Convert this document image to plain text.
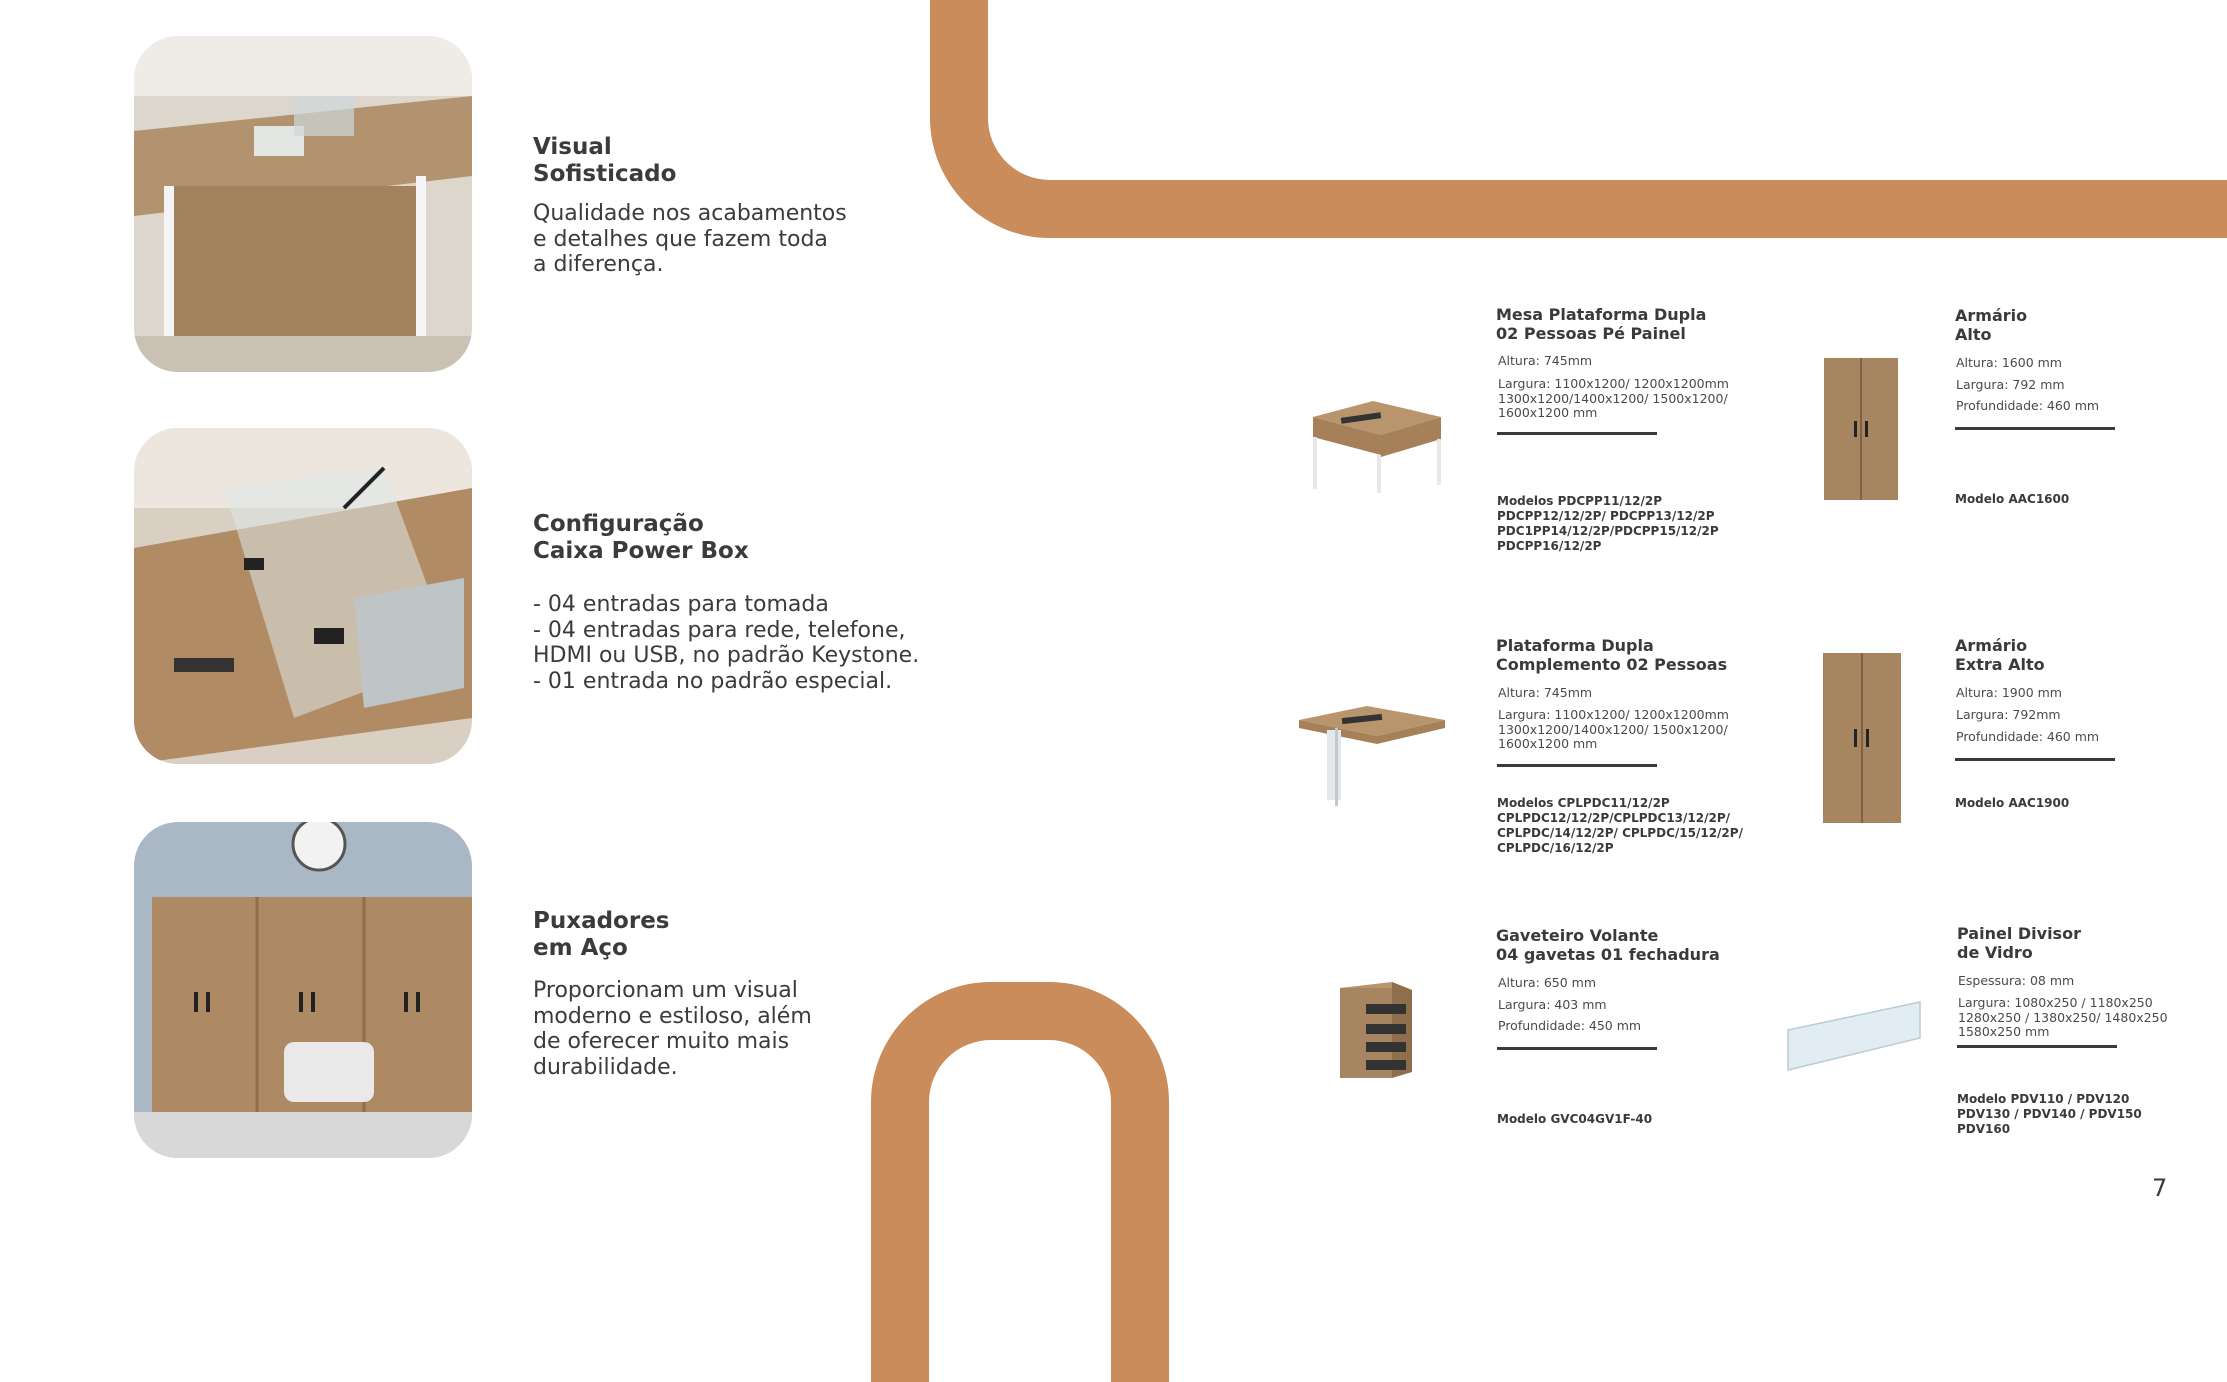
Visual
Sofisticado
Qualidade nos acabamentos
e detalhes que fazem toda
a diferença.
Configuração
Caixa Power Box
- 04 entradas para tomada
- 04 entradas para rede, telefone,
HDMI ou USB, no padrão Keystone.
- 01 entrada no padrão especial.
Puxadores
em Aço
Proporcionam um visual
moderno e estiloso, além
de oferecer muito mais
durabilidade.
Mesa Plataforma Dupla
02 Pessoas Pé Painel
Altura: 745mm
Largura: 1100x1200/ 1200x1200mm
1300x1200/1400x1200/ 1500x1200/
1600x1200 mm
Modelos PDCPP11/12/2P
PDCPP12/12/2P/ PDCPP13/12/2P
PDC1PP14/12/2P/PDCPP15/12/2P
PDCPP16/12/2P
Armário
Alto
Altura: 1600 mm
Largura: 792 mm
Profundidade: 460 mm
Modelo AAC1600
Plataforma Dupla
Complemento 02 Pessoas
Altura: 745mm
Largura: 1100x1200/ 1200x1200mm
1300x1200/1400x1200/ 1500x1200/
1600x1200 mm
Modelos CPLPDC11/12/2P
CPLPDC12/12/2P/CPLPDC13/12/2P/
CPLPDC/14/12/2P/ CPLPDC/15/12/2P/
CPLPDC/16/12/2P
Armário
Extra Alto
Altura: 1900 mm
Largura: 792mm
Profundidade: 460 mm
Modelo AAC1900
Gaveteiro Volante
04 gavetas 01 fechadura
Altura: 650 mm
Largura: 403 mm
Profundidade: 450 mm
Modelo GVC04GV1F-40
Painel Divisor
de Vidro
Espessura: 08 mm
Largura: 1080x250 / 1180x250
1280x250 / 1380x250/ 1480x250
1580x250 mm
Modelo PDV110 / PDV120
PDV130 / PDV140 / PDV150
PDV160
7
